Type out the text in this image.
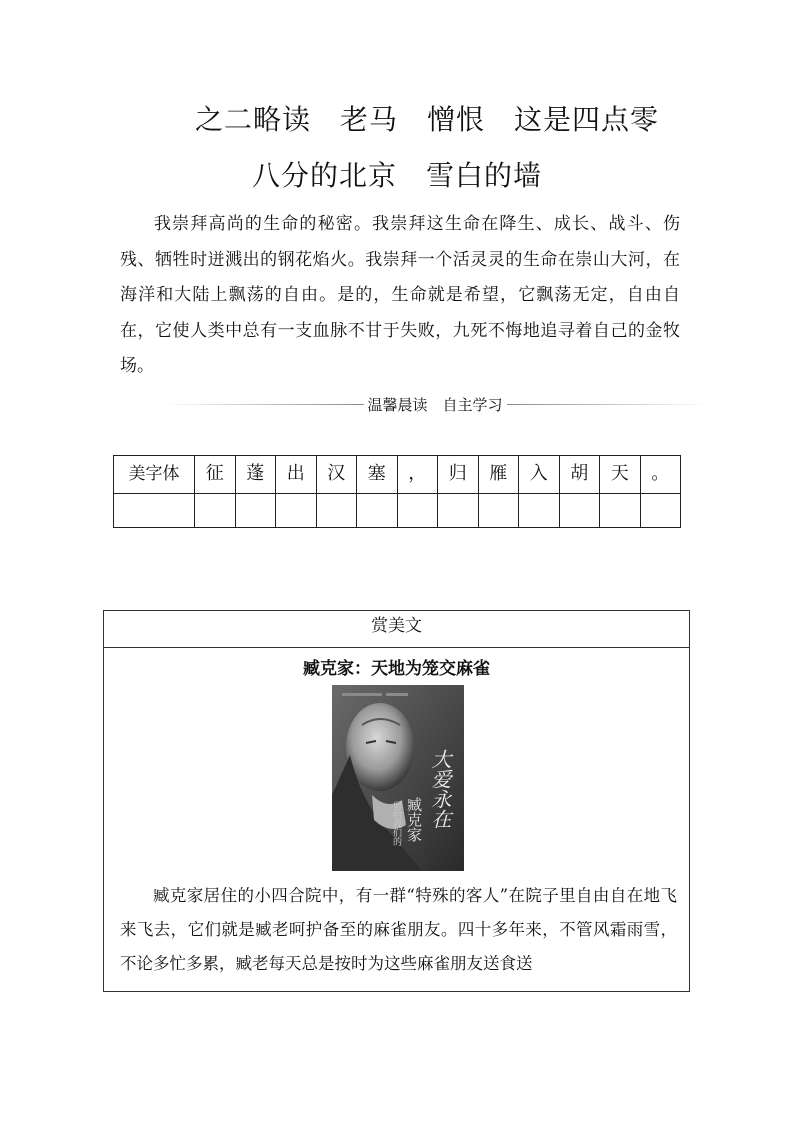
之二略读　老马　憎恨　这是四点零
八分的北京　雪白的墙
我崇拜高尚的生命的秘密。我崇拜这生命在降生、成长、战斗、伤残、牺牲时迸溅出的钢花焰火。我崇拜一个活灵灵的生命在崇山大河，在海洋和大陆上飘荡的自由。是的，生命就是希望，它飘荡无定，自由自在，它使人类中总有一支血脉不甘于失败，九死不悔地追寻着自己的金牧场。
温馨晨读　自主学习
美字体	征	蓬	出	汉	塞	，	归	雁	入	胡	天	。

赏美文
臧克家：天地为笼交麻雀
大爱永在
臧克家
留给我们的
臧克家居住的小四合院中，有一群“特殊的客人”在院子里自由自在地飞来飞去，它们就是臧老呵护备至的麻雀朋友。四十多年来，不管风霜雨雪，不论多忙多累，臧老每天总是按时为这些麻雀朋友送食送
